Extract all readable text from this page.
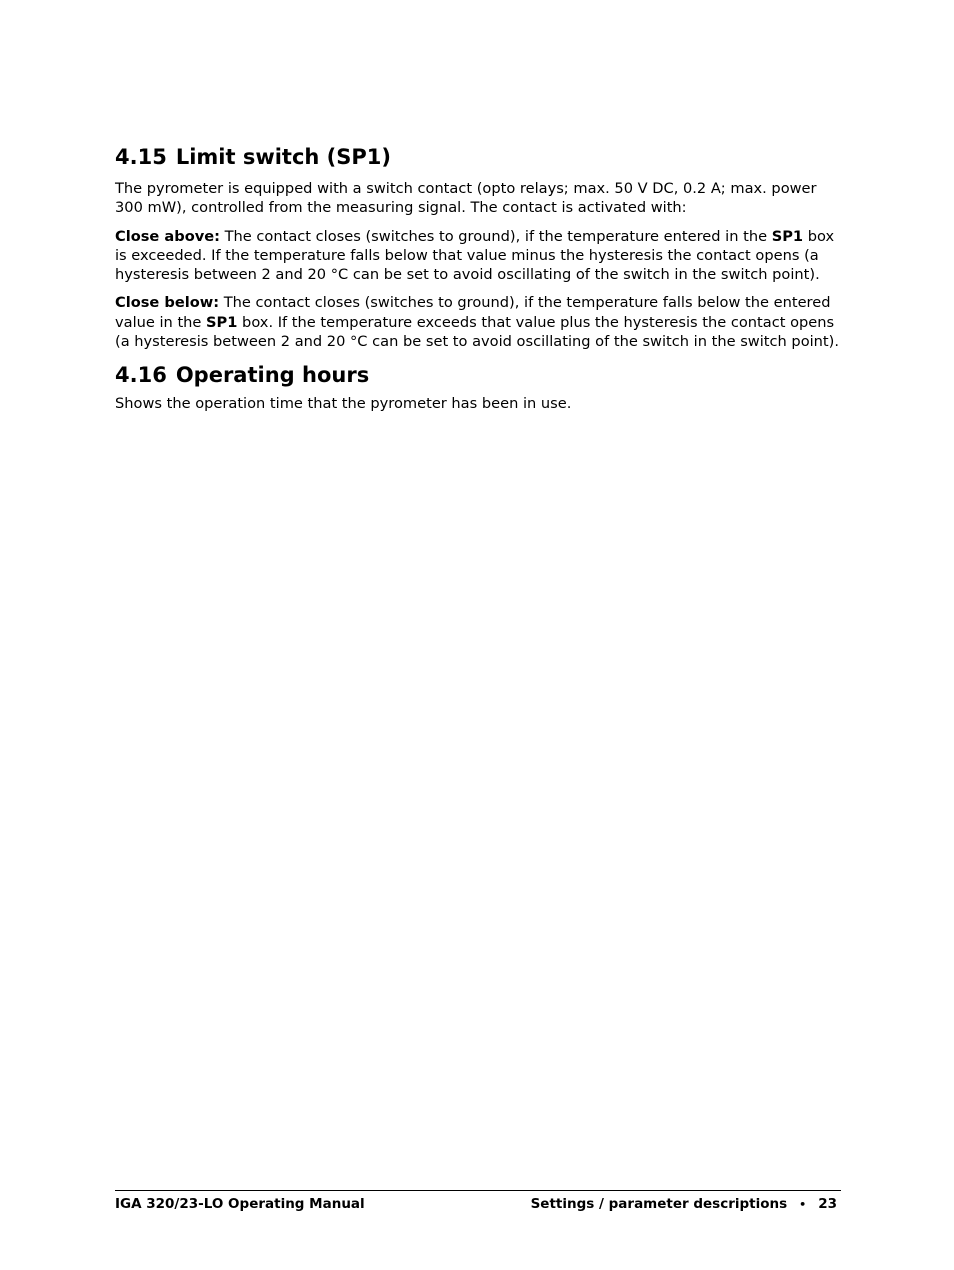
4.15 Limit switch (SP1)

The pyrometer is equipped with a switch contact (opto relays; max. 50 V DC, 0.2 A; max. power 300 mW), controlled from the measuring signal. The contact is activated with:

Close above: The contact closes (switches to ground), if the temperature entered in the SP1 box is exceeded. If the temperature falls below that value minus the hysteresis the contact opens (a hysteresis between 2 and 20 °C can be set to avoid oscillating of the switch in the switch point).

Close below: The contact closes (switches to ground), if the temperature falls below the entered value in the SP1 box. If the temperature exceeds that value plus the hysteresis the contact opens (a hysteresis between 2 and 20 °C can be set to avoid oscillating of the switch in the switch point).

4.16 Operating hours

Shows the operation time that the pyrometer has been in use.

IGA 320/23-LO Operating Manual	Settings / parameter descriptions • 23
